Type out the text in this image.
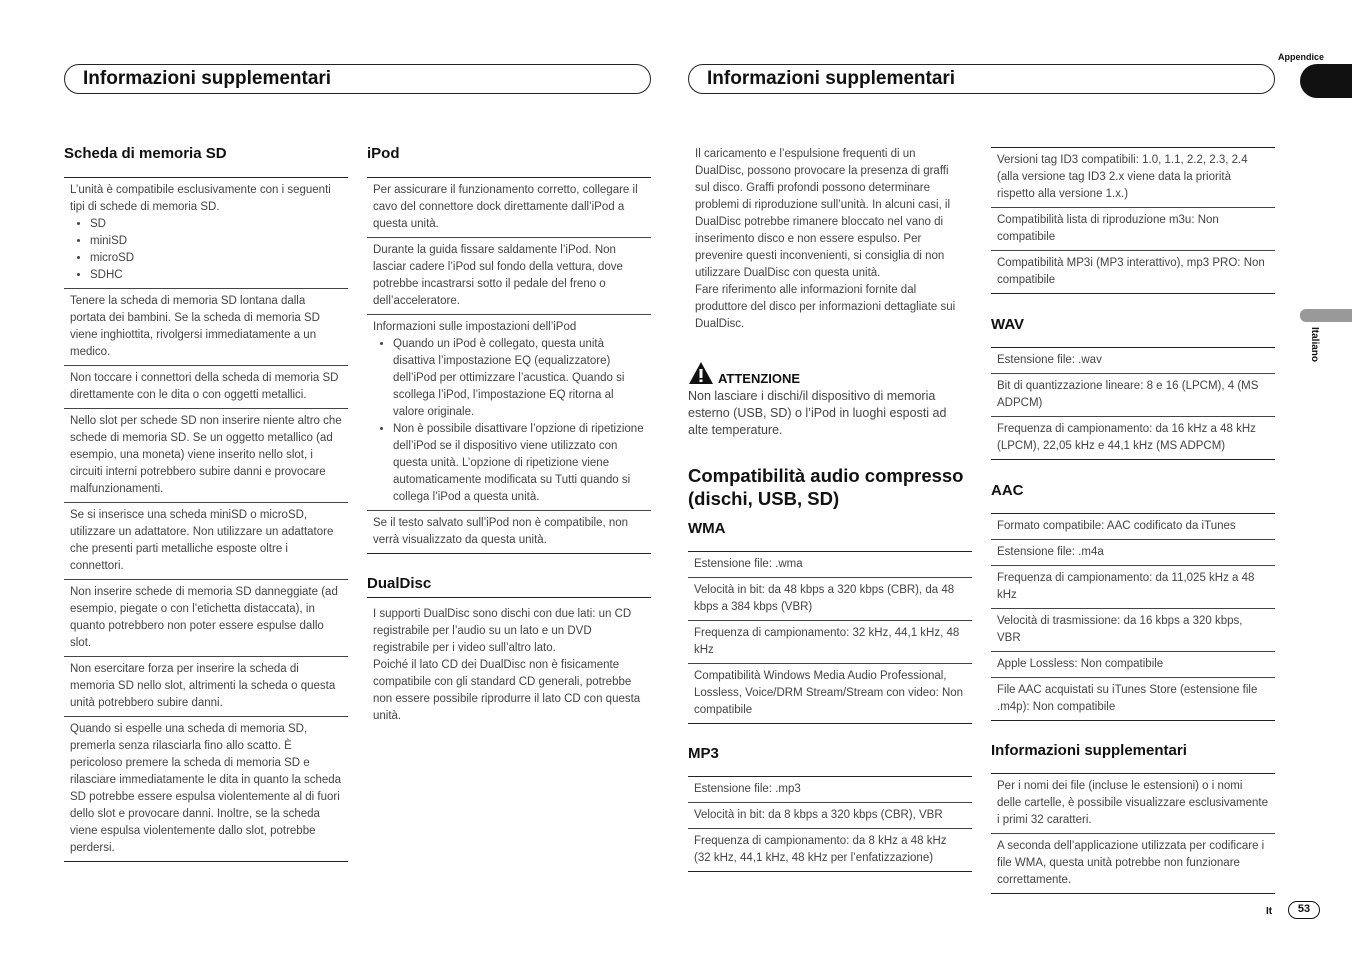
Informazioni supplementari	Informazioni supplementari
Appendice
Italiano
It	53
Scheda di memoria SD
L’unità è compatibile esclusivamente con i seguenti tipi di schede di memoria SD.
• SD
• miniSD
• microSD
• SDHC
Tenere la scheda di memoria SD lontana dalla portata dei bambini. Se la scheda di memoria SD viene inghiottita, rivolgersi immediatamente a un medico.
Non toccare i connettori della scheda di memoria SD direttamente con le dita o con oggetti metallici.
Nello slot per schede SD non inserire niente altro che schede di memoria SD. Se un oggetto metallico (ad esempio, una moneta) viene inserito nello slot, i circuiti interni potrebbero subire danni e provocare malfunzionamenti.
Se si inserisce una scheda miniSD o microSD, utilizzare un adattatore. Non utilizzare un adattatore che presenti parti metalliche esposte oltre i connettori.
Non inserire schede di memoria SD danneggiate (ad esempio, piegate o con l’etichetta distaccata), in quanto potrebbero non poter essere espulse dallo slot.
Non esercitare forza per inserire la scheda di memoria SD nello slot, altrimenti la scheda o questa unità potrebbero subire danni.
Quando si espelle una scheda di memoria SD, premerla senza rilasciarla fino allo scatto. È pericoloso premere la scheda di memoria SD e rilasciare immediatamente le dita in quanto la scheda SD potrebbe essere espulsa violentemente al di fuori dello slot e provocare danni. Inoltre, se la scheda viene espulsa violentemente dallo slot, potrebbe perdersi.
iPod
Per assicurare il funzionamento corretto, collegare il cavo del connettore dock direttamente dall’iPod a questa unità.
Durante la guida fissare saldamente l’iPod. Non lasciar cadere l’iPod sul fondo della vettura, dove potrebbe incastrarsi sotto il pedale del freno o dell’acceleratore.
Informazioni sulle impostazioni dell’iPod
• Quando un iPod è collegato, questa unità disattiva l’impostazione EQ (equalizzatore) dell’iPod per ottimizzare l’acustica. Quando si scollega l’iPod, l’impostazione EQ ritorna al valore originale.
• Non è possibile disattivare l’opzione di ripetizione dell’iPod se il dispositivo viene utilizzato con questa unità. L’opzione di ripetizione viene automaticamente modificata su Tutti quando si collega l’iPod a questa unità.
Se il testo salvato sull’iPod non è compatibile, non verrà visualizzato da questa unità.
DualDisc
I supporti DualDisc sono dischi con due lati: un CD registrabile per l’audio su un lato e un DVD registrabile per i video sull’altro lato.
Poiché il lato CD dei DualDisc non è fisicamente compatibile con gli standard CD generali, potrebbe non essere possibile riprodurre il lato CD con questa unità.
Il caricamento e l’espulsione frequenti di un DualDisc, possono provocare la presenza di graffi sul disco. Graffi profondi possono determinare problemi di riproduzione sull’unità. In alcuni casi, il DualDisc potrebbe rimanere bloccato nel vano di inserimento disco e non essere espulso. Per prevenire questi inconvenienti, si consiglia di non utilizzare DualDisc con questa unità.
Fare riferimento alle informazioni fornite dal produttore del disco per informazioni dettagliate sui DualDisc.
ATTENZIONE
Non lasciare i dischi/il dispositivo di memoria esterno (USB, SD) o l’iPod in luoghi esposti ad alte temperature.
Compatibilità audio compresso (dischi, USB, SD)
WMA
Estensione file: .wma
Velocità in bit: da 48 kbps a 320 kbps (CBR), da 48 kbps a 384 kbps (VBR)
Frequenza di campionamento: 32 kHz, 44,1 kHz, 48 kHz
Compatibilità Windows Media Audio Professional, Lossless, Voice/DRM Stream/Stream con video: Non compatibile
MP3
Estensione file: .mp3
Velocità in bit: da 8 kbps a 320 kbps (CBR), VBR
Frequenza di campionamento: da 8 kHz a 48 kHz (32 kHz, 44,1 kHz, 48 kHz per l’enfatizzazione)
Versioni tag ID3 compatibili: 1.0, 1.1, 2.2, 2.3, 2.4 (alla versione tag ID3 2.x viene data la priorità rispetto alla versione 1.x.)
Compatibilità lista di riproduzione m3u: Non compatibile
Compatibilità MP3i (MP3 interattivo), mp3 PRO: Non compatibile
WAV
Estensione file: .wav
Bit di quantizzazione lineare: 8 e 16 (LPCM), 4 (MS ADPCM)
Frequenza di campionamento: da 16 kHz a 48 kHz (LPCM), 22,05 kHz e 44,1 kHz (MS ADPCM)
AAC
Formato compatibile: AAC codificato da iTunes
Estensione file: .m4a
Frequenza di campionamento: da 11,025 kHz a 48 kHz
Velocità di trasmissione: da 16 kbps a 320 kbps, VBR
Apple Lossless: Non compatibile
File AAC acquistati su iTunes Store (estensione file .m4p): Non compatibile
Informazioni supplementari
Per i nomi dei file (incluse le estensioni) o i nomi delle cartelle, è possibile visualizzare esclusivamente i primi 32 caratteri.
A seconda dell’applicazione utilizzata per codificare i file WMA, questa unità potrebbe non funzionare correttamente.
